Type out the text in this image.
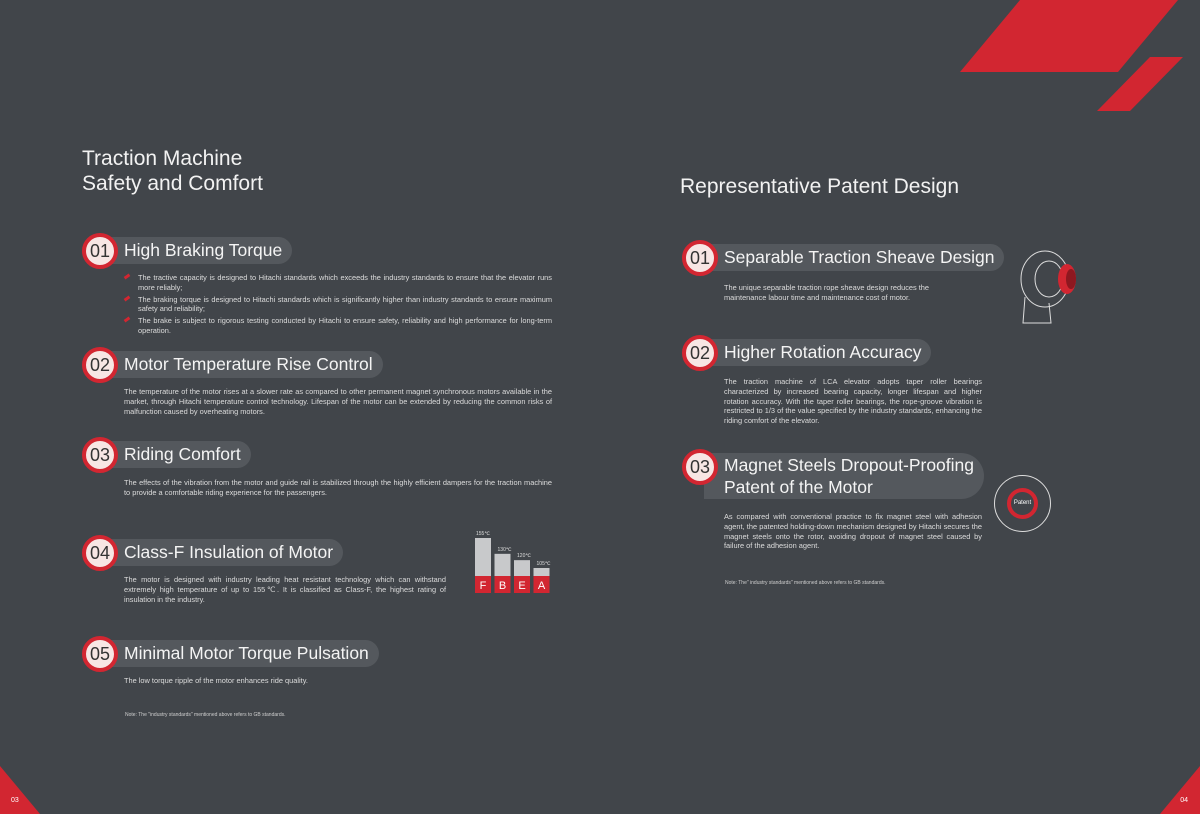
Traction Machine
Safety and Comfort
01 High Braking Torque
The tractive capacity is designed to Hitachi standards which exceeds the industry standards to ensure that the elevator runs more reliably;
The braking torque is designed to Hitachi standards which is significantly higher than industry standards to ensure maximum safety and reliability;
The brake is subject to rigorous testing conducted by Hitachi to ensure safety, reliability and high performance for long-term operation.
02 Motor Temperature Rise Control
The temperature of the motor rises at a slower rate as compared to other permanent magnet synchronous motors available in the market, through Hitachi temperature control technology. Lifespan of the motor can be extended by reducing the common risks of malfunction caused by overheating motors.
03 Riding Comfort
The effects of the vibration from the motor and guide rail is stabilized through the highly efficient dampers for the traction machine to provide a comfortable riding experience for the passengers.
04 Class-F Insulation of Motor
The motor is designed with industry leading heat resistant technology which can withstand extremely high temperature of up to 155℃. It is classified as Class-F, the highest rating of insulation in the industry.
05 Minimal Motor Torque Pulsation
The low torque ripple of the motor enhances ride quality.
Note: The "industry standards" mentioned above refers to GB standards.
F
155℃
B
130℃
E
120℃
A
105℃
03
Representative Patent Design
01 Separable Traction Sheave Design
The unique separable traction rope sheave design reduces the maintenance labour time and maintenance cost of motor.
02 Higher Rotation Accuracy
The traction machine of LCA elevator adopts taper roller bearings characterized by increased bearing capacity, longer lifespan and higher rotation accuracy. With the taper roller bearings, the rope-groove vibration is restricted to 1/3 of the value specified by the industry standards, enhancing the riding comfort of the elevator.
03 Magnet Steels Dropout-Proofing
Patent of the Motor
As compared with conventional practice to fix magnet steel with adhesion agent, the patented holding-down mechanism designed by Hitachi secures the magnet steels onto the rotor, avoiding dropout of magnet steel caused by failure of the adhesion agent.
Patent
Note: The" industry standards" mentioned above refers to GB standards.
04
